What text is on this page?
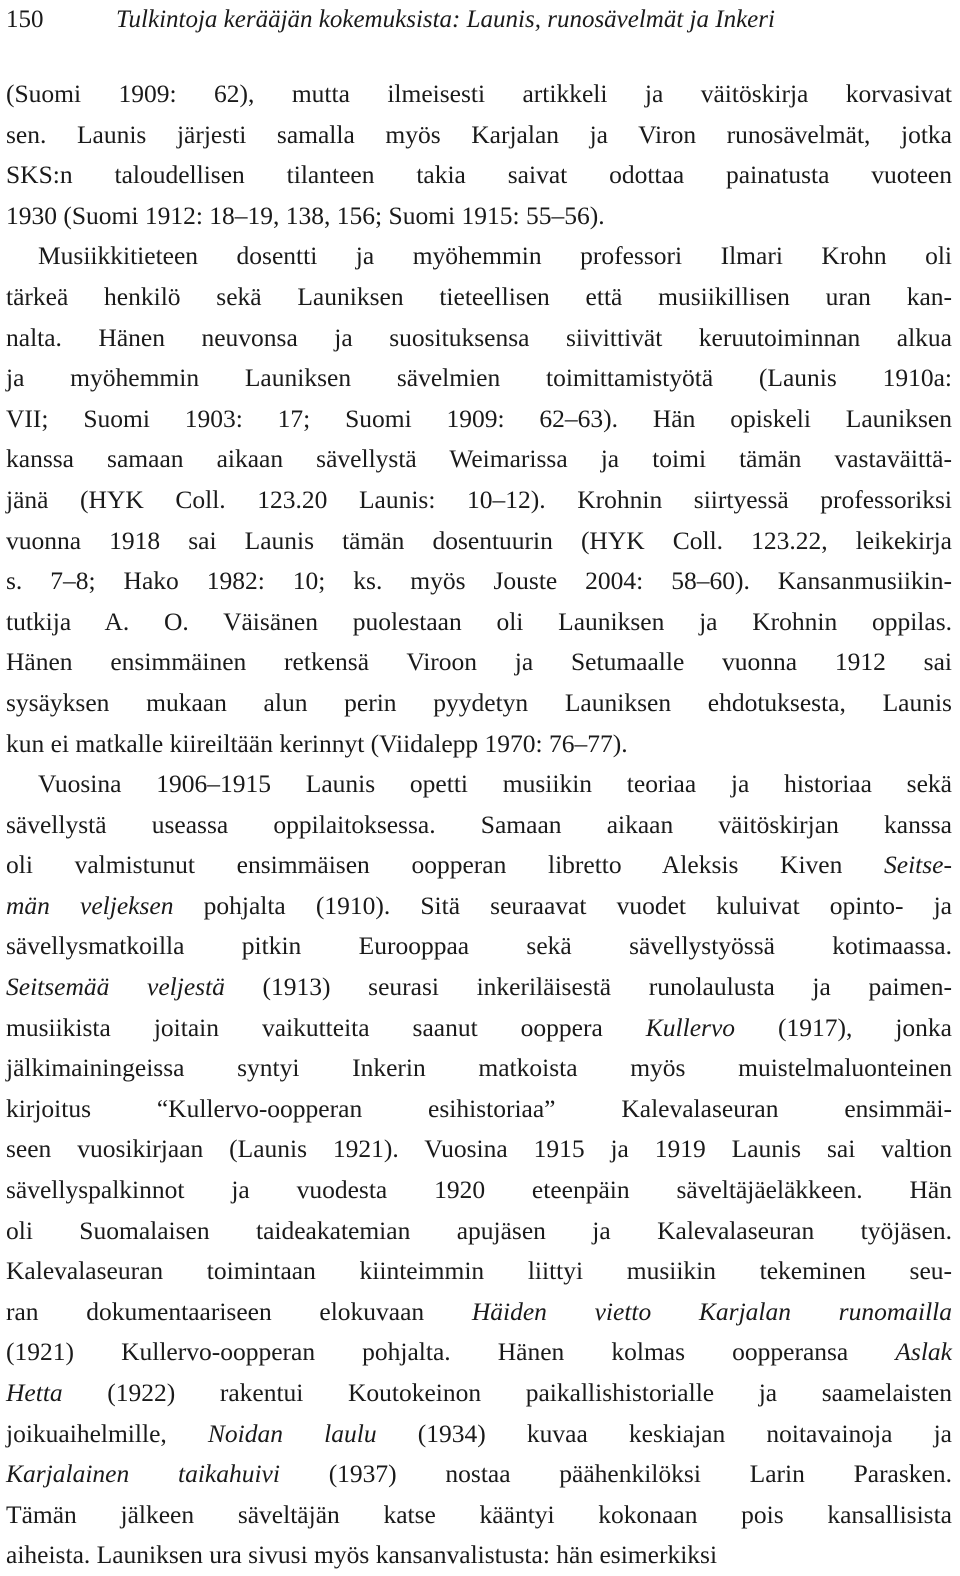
150	Tulkintoja kerääjän kokemuksista: Launis, runosävelmät ja Inkeri
(Suomi 1909: 62), mutta ilmeisesti artikkeli ja väitöskirja korvasivat
sen. Launis järjesti samalla myös Karjalan ja Viron runosävelmät, jotka
SKS:n taloudellisen tilanteen takia saivat odottaa painatusta vuoteen
1930 (Suomi 1912: 18–19, 138, 156; Suomi 1915: 55–56).
Musiikkitieteen dosentti ja myöhemmin professori Ilmari Krohn oli
tärkeä henkilö sekä Launiksen tieteellisen että musiikillisen uran kan-
nalta. Hänen neuvonsa ja suosituksensa siivittivät keruutoiminnan alkua
ja myöhemmin Launiksen sävelmien toimittamistyötä (Launis 1910a:
VII; Suomi 1903: 17; Suomi 1909: 62–63). Hän opiskeli Launiksen
kanssa samaan aikaan sävellystä Weimarissa ja toimi tämän vastaväittä-
jänä (HYK Coll. 123.20 Launis: 10–12). Krohnin siirtyessä professoriksi
vuonna 1918 sai Launis tämän dosentuurin (HYK Coll. 123.22, leikekirja
s. 7–8; Hako 1982: 10; ks. myös Jouste 2004: 58–60). Kansanmusiikin-
tutkija A. O. Väisänen puolestaan oli Launiksen ja Krohnin oppilas.
Hänen ensimmäinen retkensä Viroon ja Setumaalle vuonna 1912 sai
sysäyksen mukaan alun perin pyydetyn Launiksen ehdotuksesta, Launis
kun ei matkalle kiireiltään kerinnyt (Viidalepp 1970: 76–77).
Vuosina 1906–1915 Launis opetti musiikin teoriaa ja historiaa sekä
sävellystä useassa oppilaitoksessa. Samaan aikaan väitöskirjan kanssa
oli valmistunut ensimmäisen oopperan libretto Aleksis Kiven Seitse-
män veljeksen pohjalta (1910). Sitä seuraavat vuodet kuluivat opinto- ja
sävellysmatkoilla pitkin Eurooppaa sekä sävellystyössä kotimaassa.
Seitsemää veljestä (1913) seurasi inkeriläisestä runolaulusta ja paimen-
musiikista joitain vaikutteita saanut ooppera Kullervo (1917), jonka
jälkimainingeissa syntyi Inkerin matkoista myös muistelmaluonteinen
kirjoitus “Kullervo-oopperan esihistoriaa” Kalevalaseuran ensimmäi-
seen vuosikirjaan (Launis 1921). Vuosina 1915 ja 1919 Launis sai valtion
sävellyspalkinnot ja vuodesta 1920 eteenpäin säveltäjäeläkkeen. Hän
oli Suomalaisen taideakatemian apujäsen ja Kalevalaseuran työjäsen.
Kalevalaseuran toimintaan kiinteimmin liittyi musiikin tekeminen seu-
ran dokumentaariseen elokuvaan Häiden vietto Karjalan runomailla
(1921) Kullervo-oopperan pohjalta. Hänen kolmas oopperansa Aslak
Hetta (1922) rakentui Koutokeinon paikallishistorialle ja saamelaisten
joikuaihelmille, Noidan laulu (1934) kuvaa keskiajan noitavainoja ja
Karjalainen taikahuivi (1937) nostaa päähenkilöksi Larin Parasken.
Tämän jälkeen säveltäjän katse kääntyi kokonaan pois kansallisista
aiheista. Launiksen ura sivusi myös kansanvalistusta: hän esimerkiksi
